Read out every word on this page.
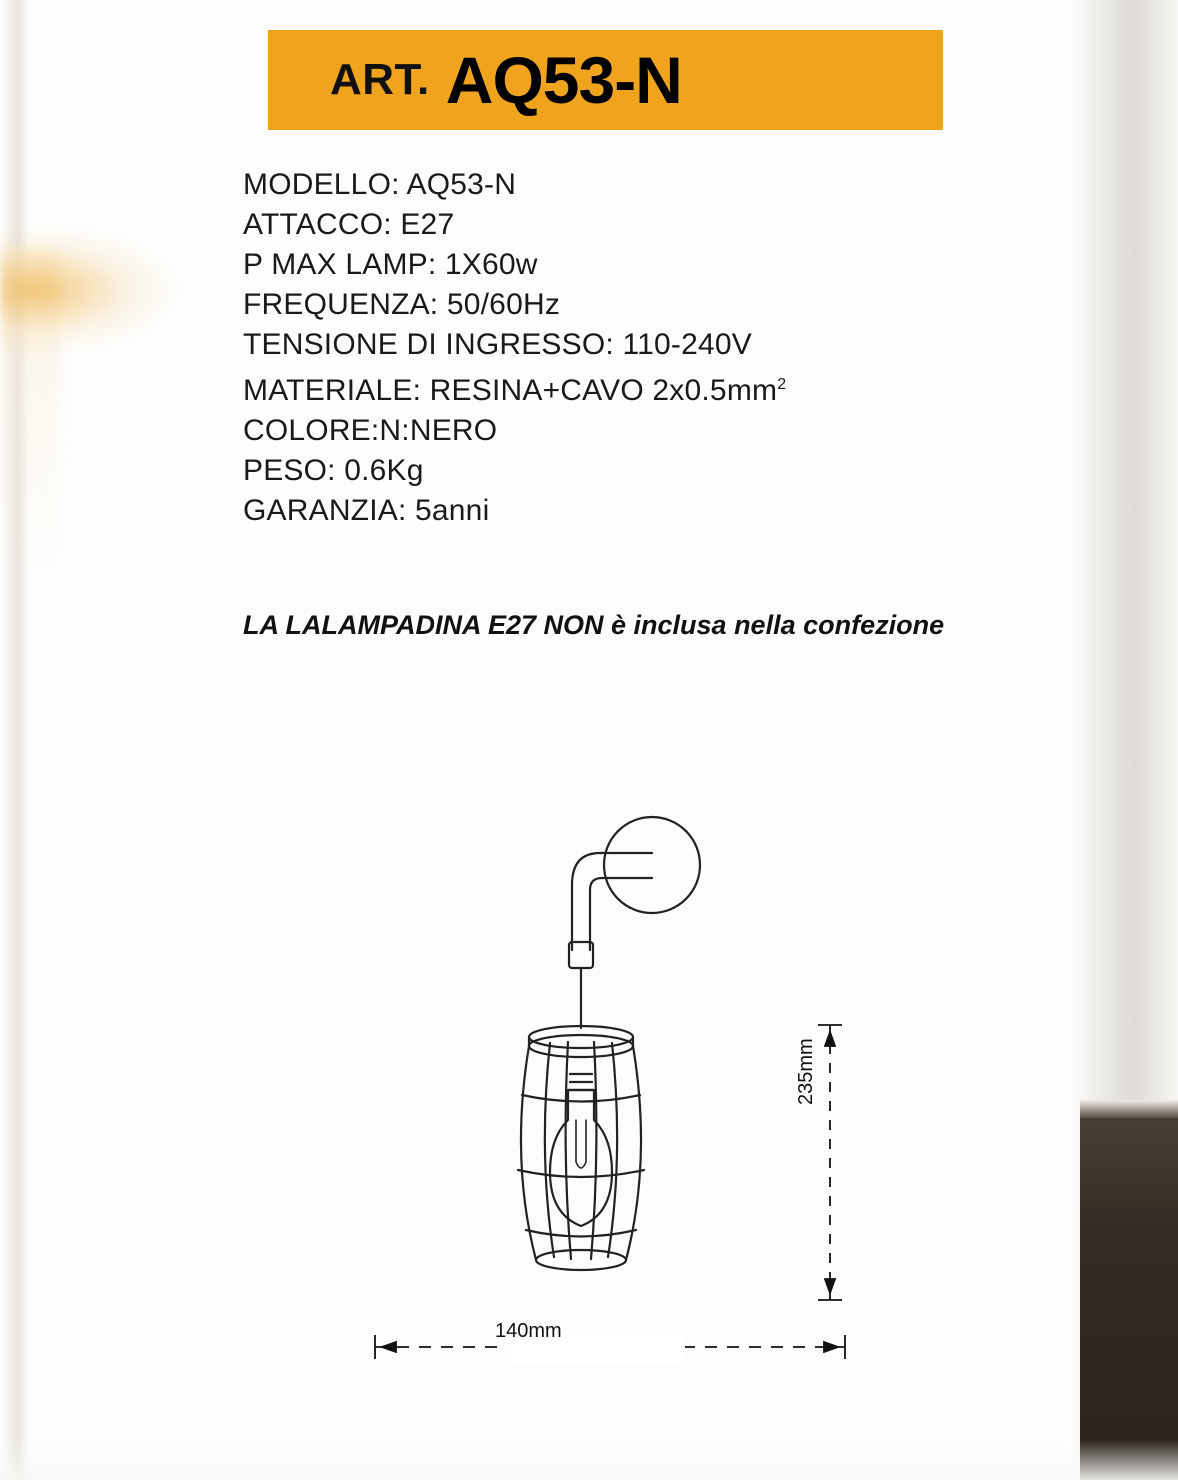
ART. AQ53-N
MODELLO: AQ53-N
ATTACCO: E27
P MAX LAMP: 1X60w
FREQUENZA: 50/60Hz
TENSIONE DI INGRESSO: 110-240V
MATERIALE: RESINA+CAVO $2x0.5mm^2$
COLORE:N:NERO
PESO: 0.6Kg
GARANZIA: 5anni
LA LALAMPADINA E27 NON è inclusa nella confezione
140mm
235mm
